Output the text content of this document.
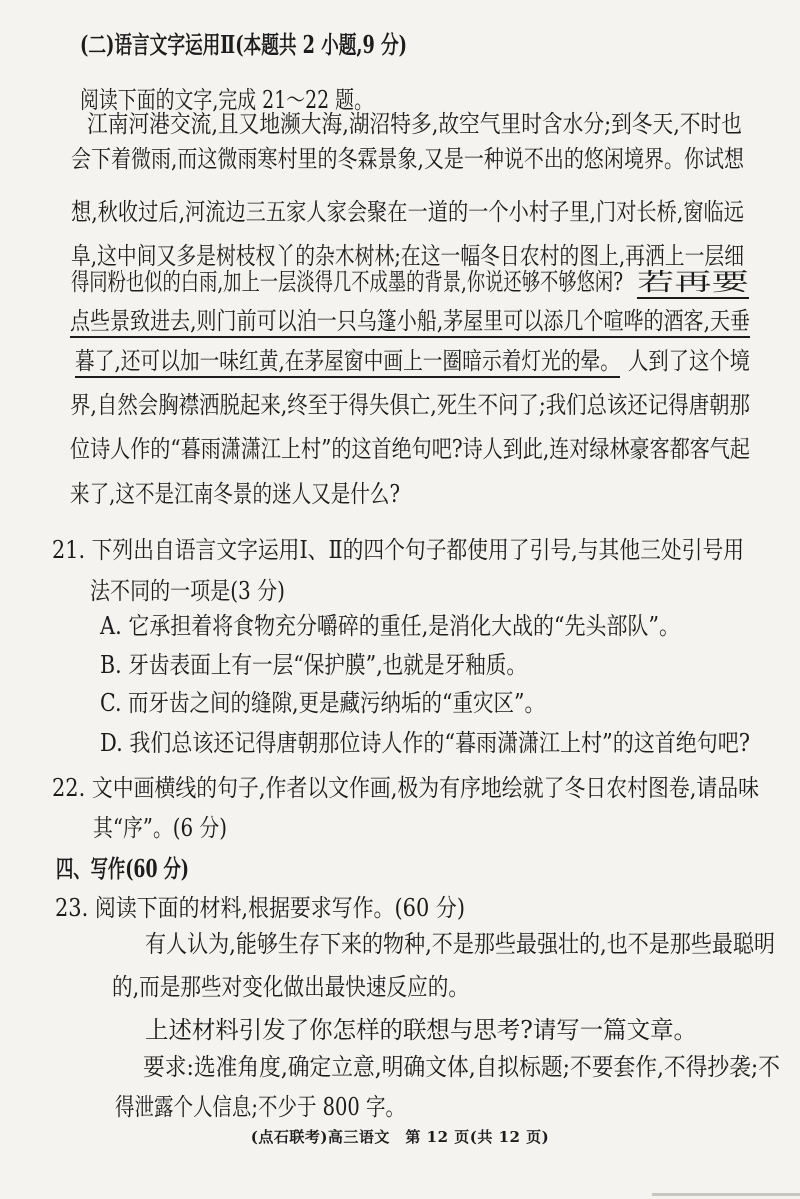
(二)语言文字运用Ⅱ(本题共 2 小题,9 分)
阅读下面的文字,完成 21～22 题。
江南河港交流,且又地濒大海,湖沼特多,故空气里时含水分;到冬天,不时也
会下着微雨,而这微雨寒村里的冬霖景象,又是一种说不出的悠闲境界。你试想
想,秋收过后,河流边三五家人家会聚在一道的一个小村子里,门对长桥,窗临远
阜,这中间又多是树枝杈丫的杂木树林;在这一幅冬日农村的图上,再洒上一层细
得同粉也似的白雨,加上一层淡得几不成墨的背景,你说还够不够悠闲? 若再要
点些景致进去,则门前可以泊一只乌篷小船,茅屋里可以添几个喧哗的酒客,天垂
暮了,还可以加一味红黄,在茅屋窗中画上一圈暗示着灯光的晕。 人到了这个境
界,自然会胸襟洒脱起来,终至于得失俱亡,死生不问了;我们总该还记得唐朝那
位诗人作的“暮雨潇潇江上村”的这首绝句吧?诗人到此,连对绿林豪客都客气起
来了,这不是江南冬景的迷人又是什么?
21. 下列出自语言文字运用Ⅰ、Ⅱ的四个句子都使用了引号,与其他三处引号用
法不同的一项是(3 分)
A. 它承担着将食物充分嚼碎的重任,是消化大战的“先头部队”。
B. 牙齿表面上有一层“保护膜”,也就是牙釉质。
C. 而牙齿之间的缝隙,更是藏污纳垢的“重灾区”。
D. 我们总该还记得唐朝那位诗人作的“暮雨潇潇江上村”的这首绝句吧?
22. 文中画横线的句子,作者以文作画,极为有序地绘就了冬日农村图卷,请品味
其“序”。(6 分)
四、写作(60 分)
23. 阅读下面的材料,根据要求写作。(60 分)
有人认为,能够生存下来的物种,不是那些最强壮的,也不是那些最聪明
的,而是那些对变化做出最快速反应的。
上述材料引发了你怎样的联想与思考?请写一篇文章。
要求:选准角度,确定立意,明确文体,自拟标题;不要套作,不得抄袭;不
得泄露个人信息;不少于 800 字。
(点石联考)高三语文　第 12 页(共 12 页)
